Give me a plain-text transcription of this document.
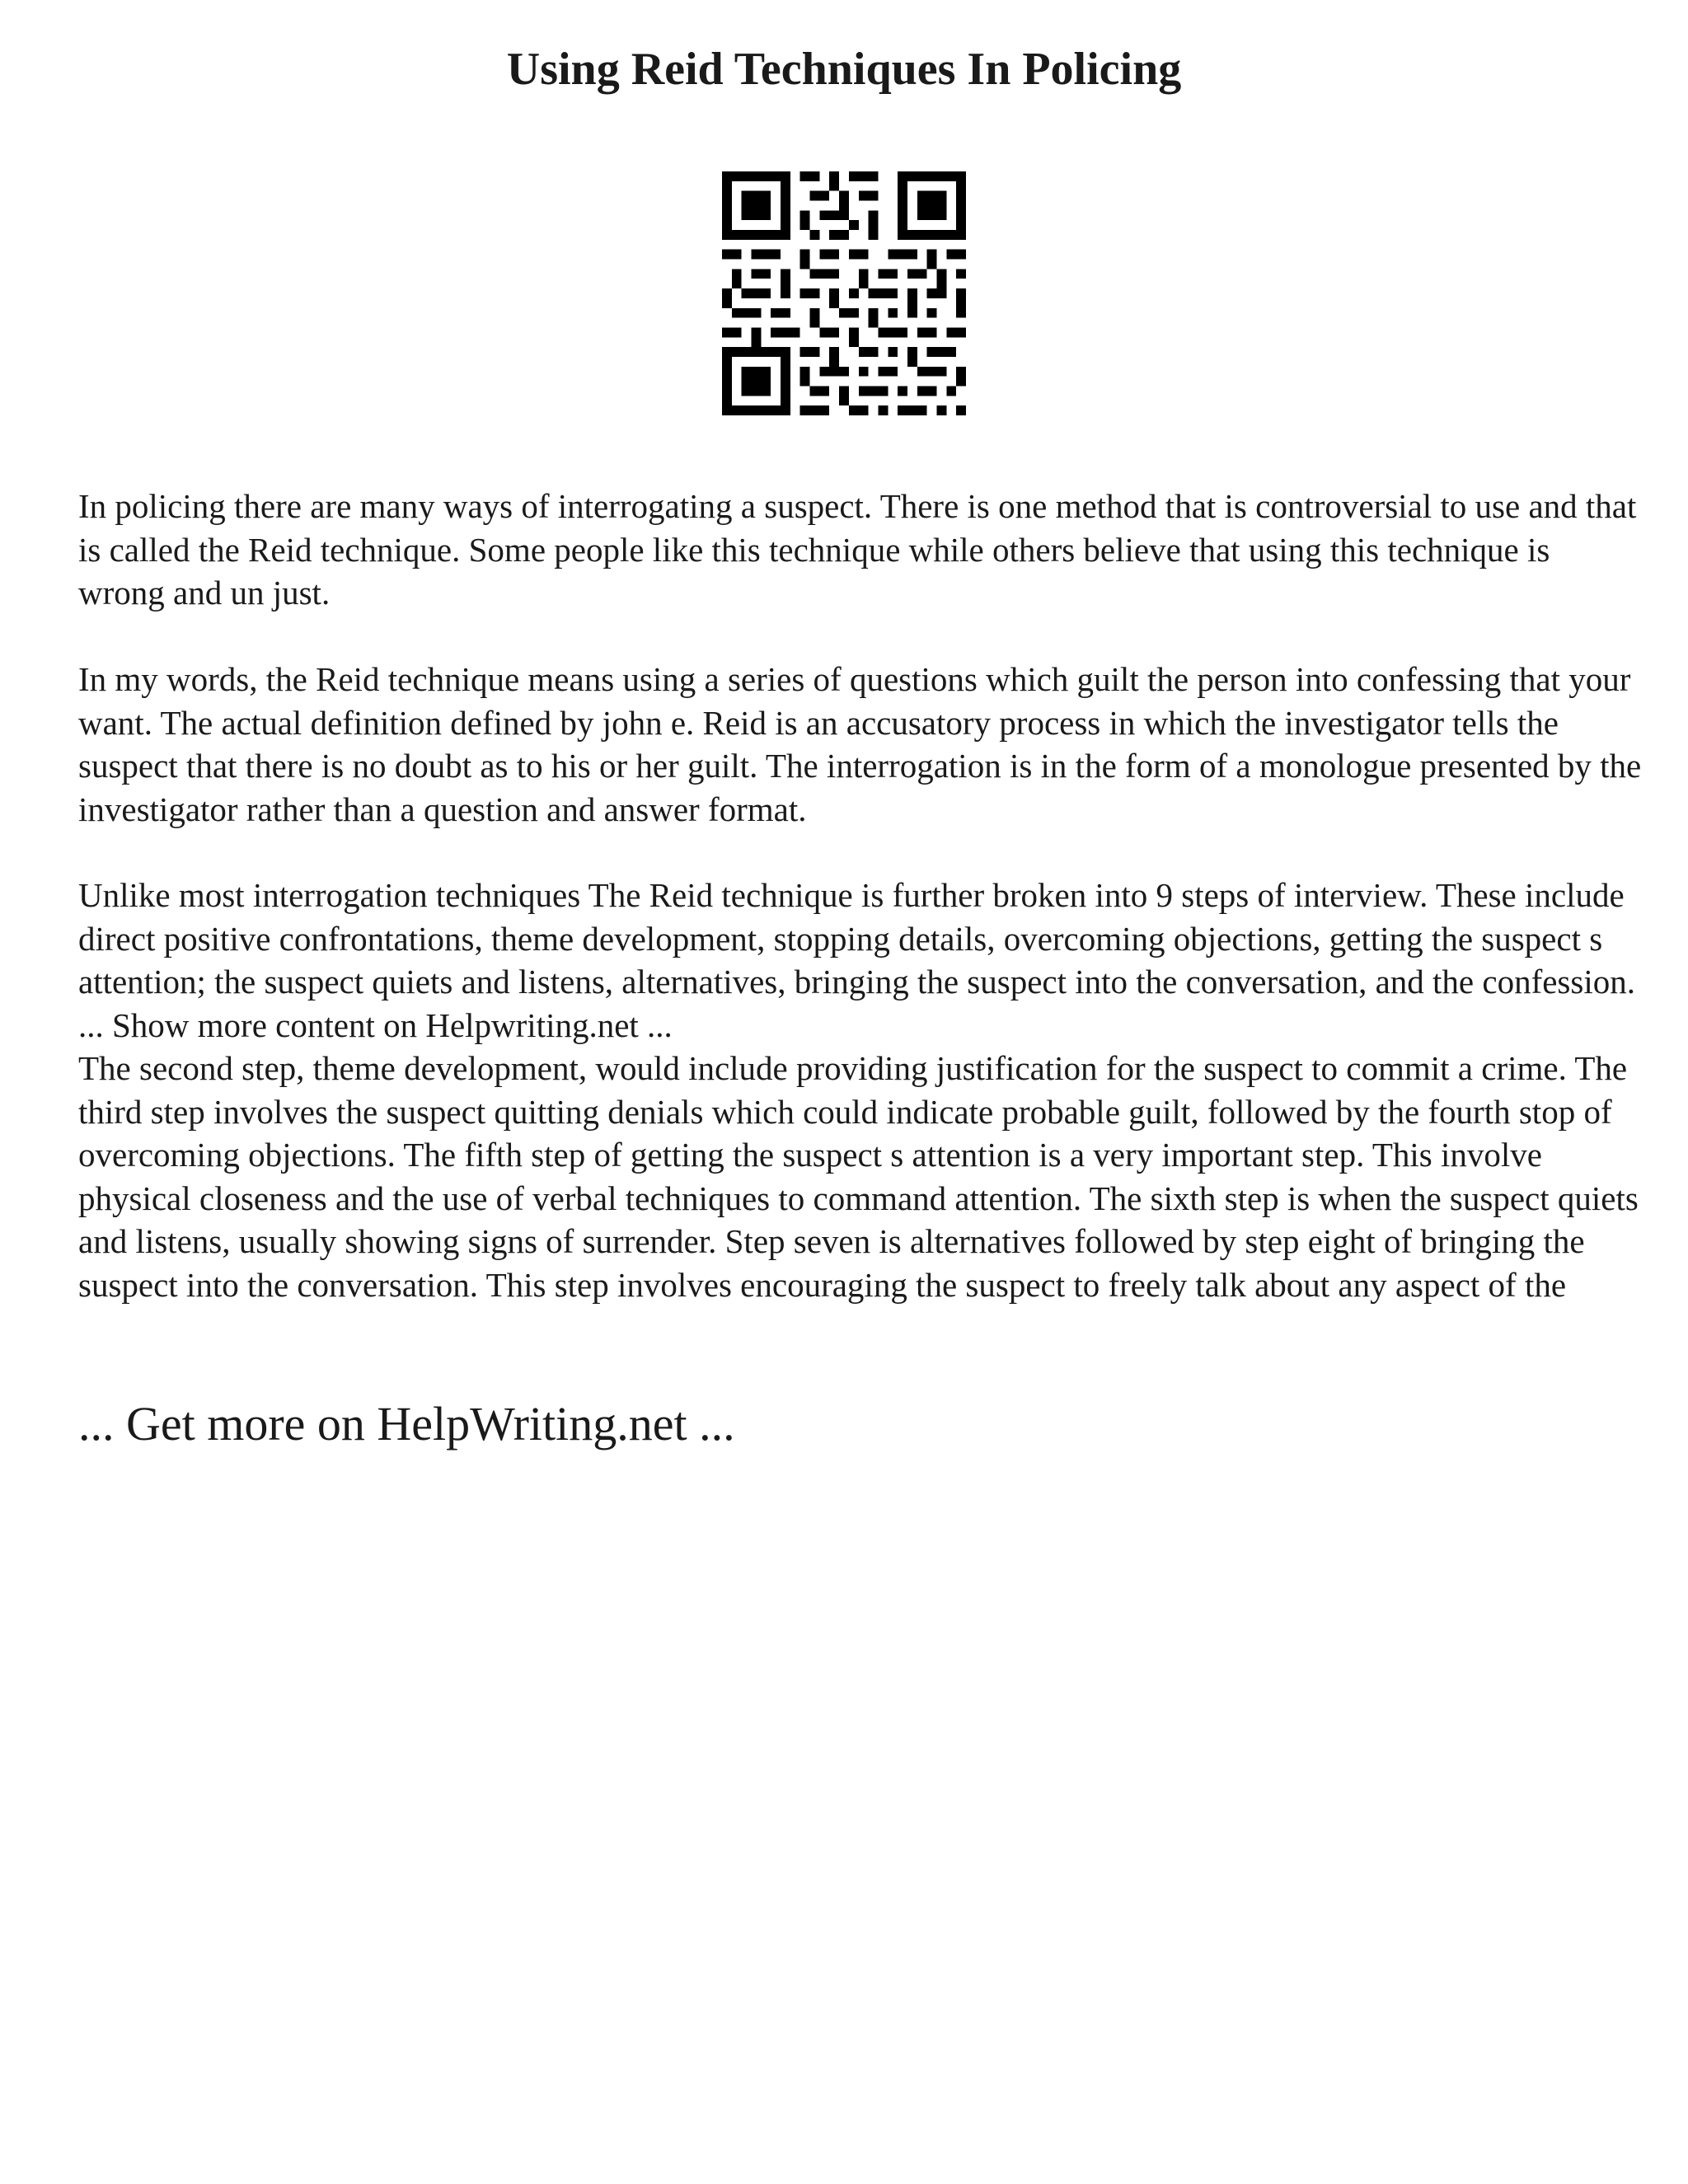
Using Reid Techniques In Policing

In policing there are many ways of interrogating a suspect. There is one method that is controversial to use and that is called the Reid technique. Some people like this technique while others believe that using this technique is wrong and un just.

In my words, the Reid technique means using a series of questions which guilt the person into confessing that your want. The actual definition defined by john e. Reid is an accusatory process in which the investigator tells the suspect that there is no doubt as to his or her guilt. The interrogation is in the form of a monologue presented by the investigator rather than a question and answer format.

Unlike most interrogation techniques The Reid technique is further broken into 9 steps of interview. These include direct positive confrontations, theme development, stopping details, overcoming objections, getting the suspect s attention; the suspect quiets and listens, alternatives, bringing the suspect into the conversation, and the confession. ... Show more content on Helpwriting.net ...
The second step, theme development, would include providing justification for the suspect to commit a crime. The third step involves the suspect quitting denials which could indicate probable guilt, followed by the fourth stop of overcoming objections. The fifth step of getting the suspect s attention is a very important step. This involve physical closeness and the use of verbal techniques to command attention. The sixth step is when the suspect quiets and listens, usually showing signs of surrender. Step seven is alternatives followed by step eight of bringing the suspect into the conversation. This step involves encouraging the suspect to freely talk about any aspect of the

... Get more on HelpWriting.net ...
